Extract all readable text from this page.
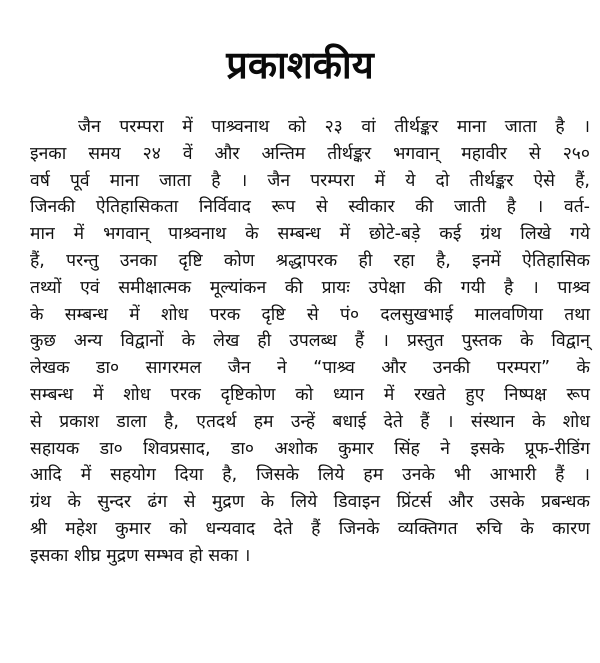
प्रकाशकीय
जैन परम्परा में पाश्र्वनाथ को २३ वां तीर्थङ्कर माना जाता है ।
इनका समय २४ वें और अन्तिम तीर्थङ्कर भगवान् महावीर से २५०
वर्ष पूर्व माना जाता है । जैन परम्परा में ये दो तीर्थङ्कर ऐसे हैं,
जिनकी ऐतिहासिकता निर्विवाद रूप से स्वीकार की जाती है । वर्त-
मान में भगवान् पाश्र्वनाथ के सम्बन्ध में छोटे-बड़े कई ग्रंथ लिखे गये
हैं, परन्तु उनका दृष्टि कोण श्रद्धापरक ही रहा है, इनमें ऐतिहासिक
तथ्यों एवं समीक्षात्मक मूल्यांकन की प्रायः उपेक्षा की गयी है । पाश्र्व
के सम्बन्ध में शोध परक दृष्टि से पं० दलसुखभाई मालवणिया तथा
कुछ अन्य विद्वानों के लेख ही उपलब्ध हैं । प्रस्तुत पुस्तक के विद्वान्
लेखक डा० सागरमल जैन ने “पाश्र्व और उनकी परम्परा” के
सम्बन्ध में शोध परक दृष्टिकोण को ध्यान में रखते हुए निष्पक्ष रूप
से प्रकाश डाला है, एतदर्थ हम उन्हें बधाई देते हैं । संस्थान के शोध
सहायक डा० शिवप्रसाद, डा० अशोक कुमार सिंह ने इसके प्रूफ-रीडिंग
आदि में सहयोग दिया है, जिसके लिये हम उनके भी आभारी हैं ।
ग्रंथ के सुन्दर ढंग से मुद्रण के लिये डिवाइन प्रिंटर्स और उसके प्रबन्धक
श्री महेश कुमार को धन्यवाद देते हैं जिनके व्यक्तिगत रुचि के कारण
इसका शीघ्र मुद्रण सम्भव हो सका ।
